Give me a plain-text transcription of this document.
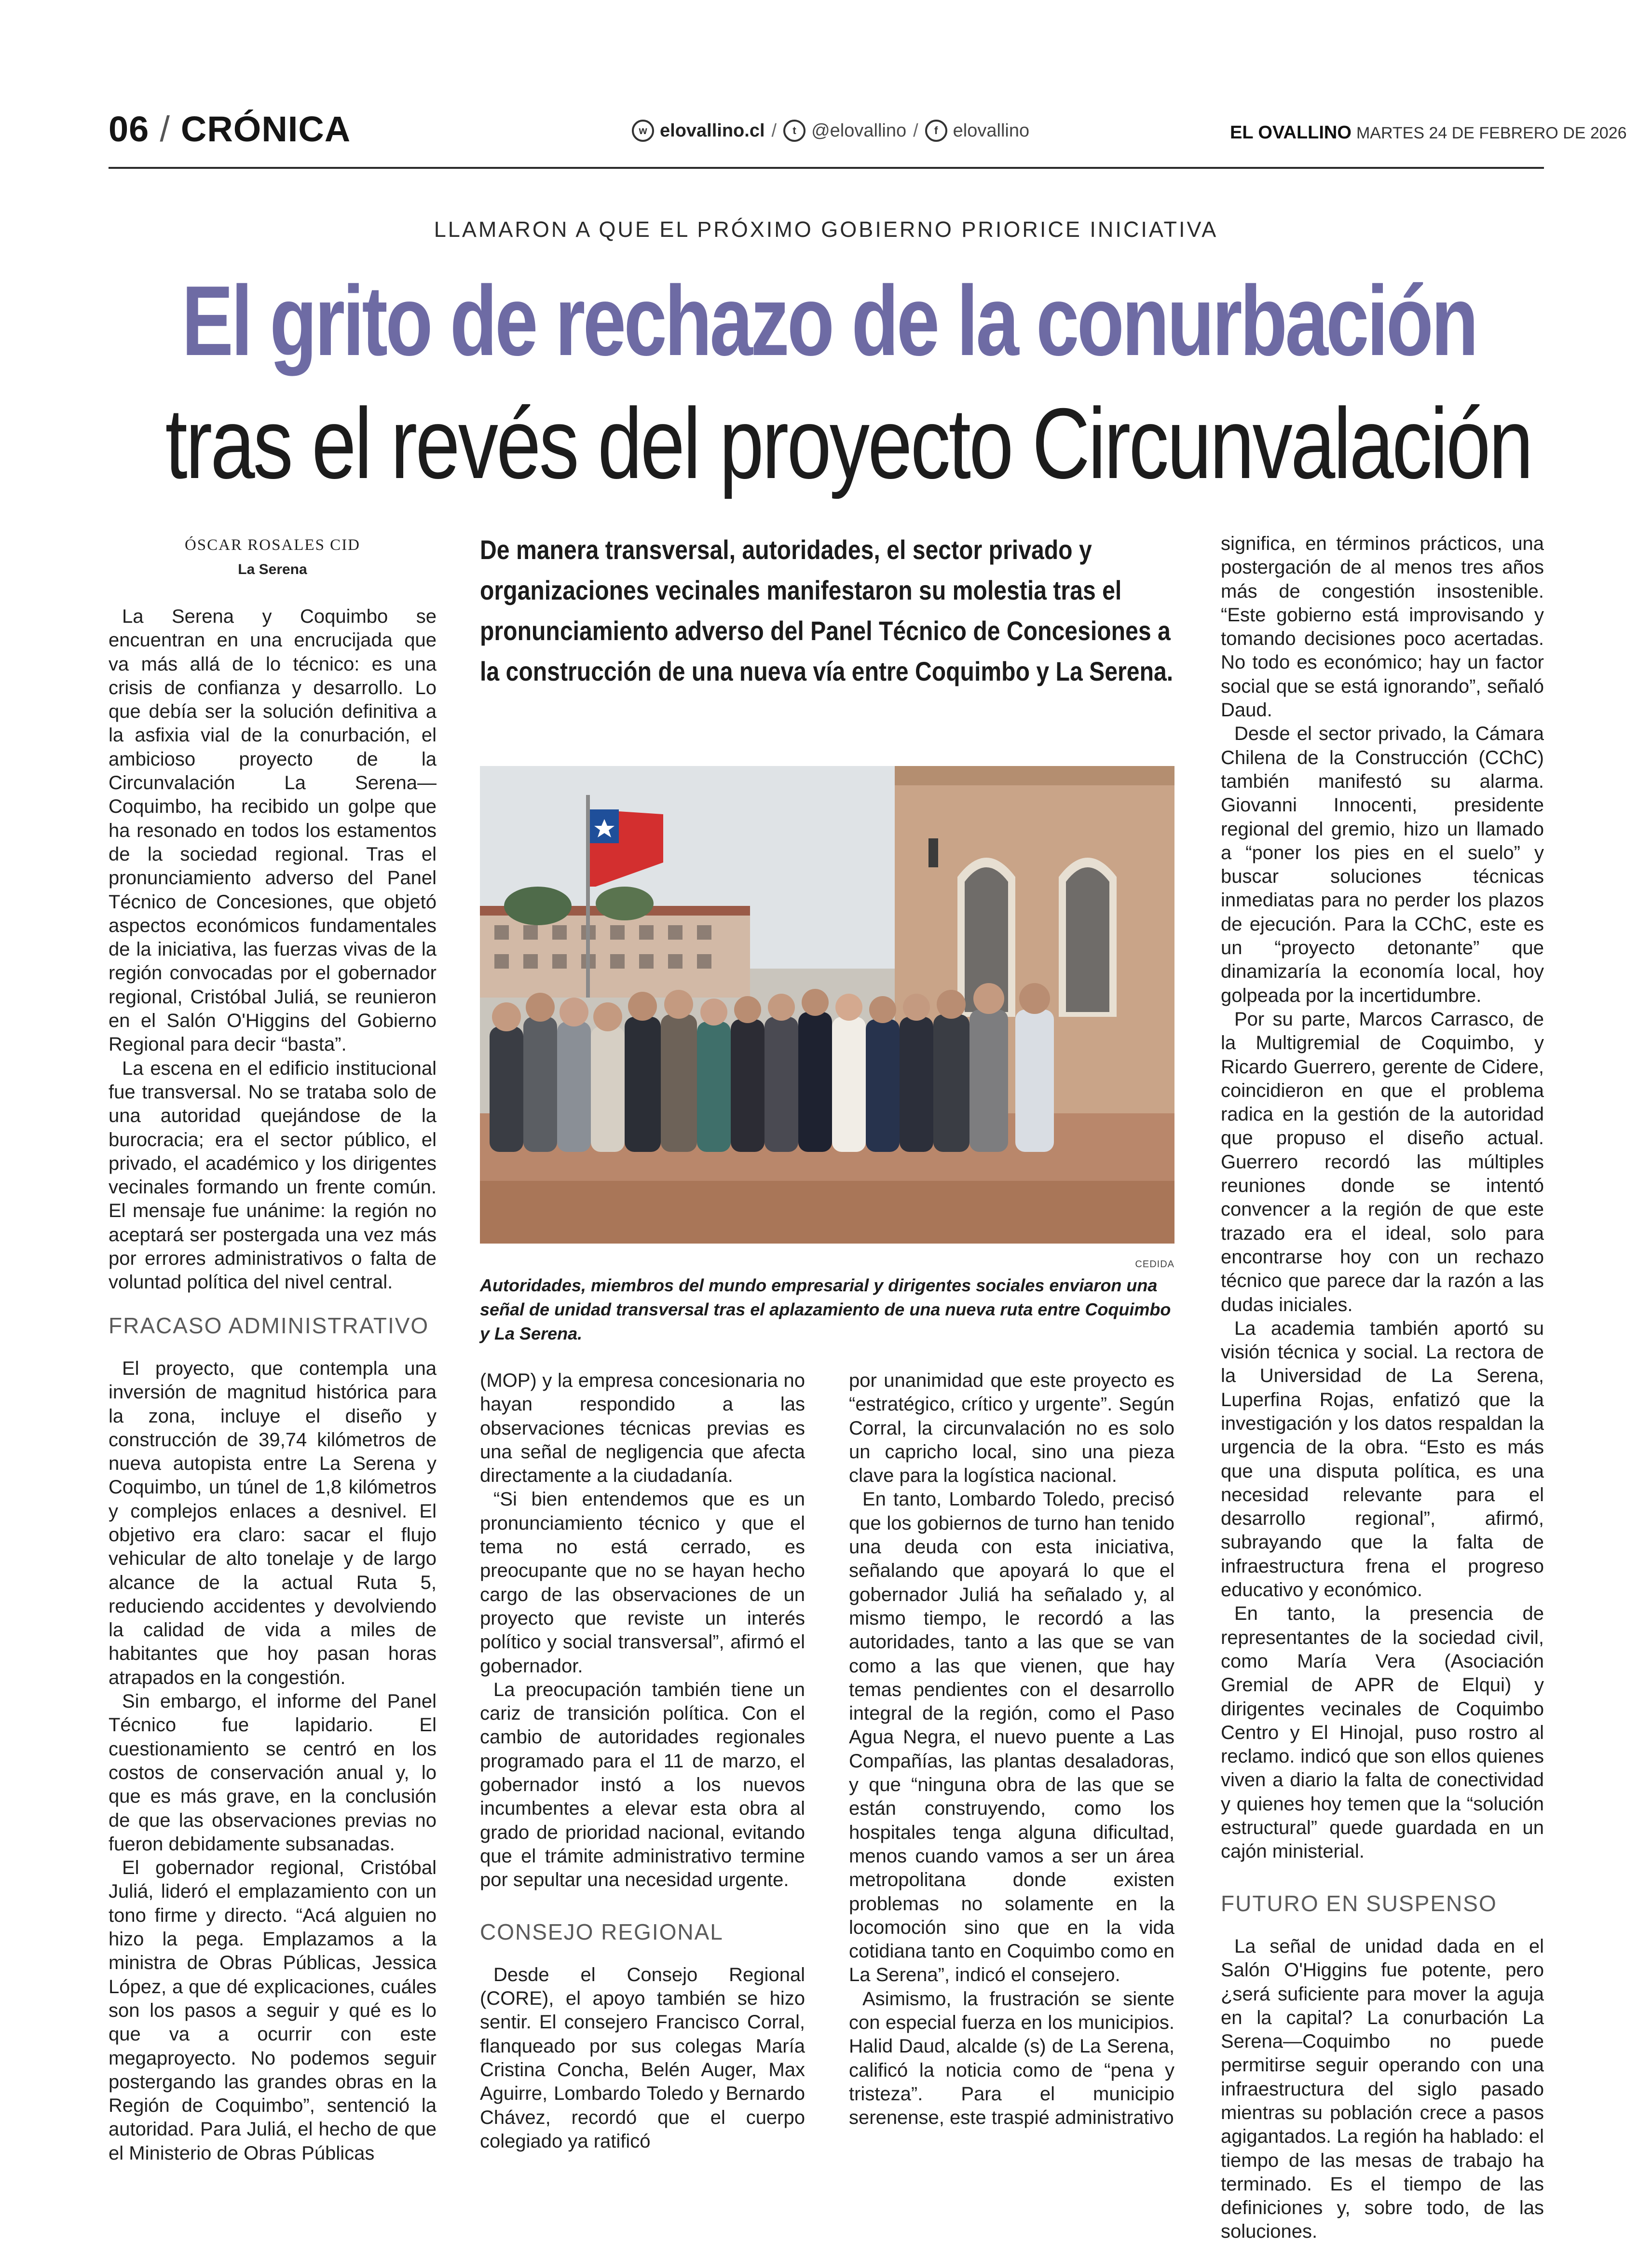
06 / CRÓNICA	w elovallino.cl /	t @elovallino /	f elovallino	EL OVALLINO MARTES 24 DE FEBRERO DE 2026
LLAMARON A QUE EL PRÓXIMO GOBIERNO PRIORICE INICIATIVA
El grito de rechazo de la conurbación
tras el revés del proyecto Circunvalación
ÓSCAR ROSALES CID
La Serena
De manera transversal, autoridades, el sector privado y organizaciones vecinales manifestaron su molestia tras el pronunciamiento adverso del Panel Técnico de Concesiones a la construcción de una nueva vía entre Coquimbo y La Serena.
CEDIDA
Autoridades, miembros del mundo empresarial y dirigentes sociales enviaron una señal de unidad transversal tras el aplazamiento de una nueva ruta entre Coquimbo y La Serena.

La Serena y Coquimbo se encuentran en una encrucijada que va más allá de lo técnico: es una crisis de confianza y desarrollo. Lo que debía ser la solución definitiva a la asfixia vial de la conurbación, el ambicioso proyecto de la Circunvalación La Serena—Coquimbo, ha recibido un golpe que ha resonado en todos los estamentos de la sociedad regional. Tras el pronunciamiento adverso del Panel Técnico de Concesiones, que objetó aspectos económicos fundamentales de la iniciativa, las fuerzas vivas de la región convocadas por el gobernador regional, Cristóbal Juliá, se reunieron en el Salón O'Higgins del Gobierno Regional para decir “basta”.

La escena en el edificio institucional fue transversal. No se trataba solo de una autoridad quejándose de la burocracia; era el sector público, el privado, el académico y los dirigentes vecinales formando un frente común. El mensaje fue unánime: la región no aceptará ser postergada una vez más por errores administrativos o falta de voluntad política del nivel central.

FRACASO ADMINISTRATIVO

El proyecto, que contempla una inversión de magnitud histórica para la zona, incluye el diseño y construcción de 39,74 kilómetros de nueva autopista entre La Serena y Coquimbo, un túnel de 1,8 kilómetros y complejos enlaces a desnivel. El objetivo era claro: sacar el flujo vehicular de alto tonelaje y de largo alcance de la actual Ruta 5, reduciendo accidentes y devolviendo la calidad de vida a miles de habitantes que hoy pasan horas atrapados en la congestión.

Sin embargo, el informe del Panel Técnico fue lapidario. El cuestionamiento se centró en los costos de conservación anual y, lo que es más grave, en la conclusión de que las observaciones previas no fueron debidamente subsanadas.

El gobernador regional, Cristóbal Juliá, lideró el emplazamiento con un tono firme y directo. “Acá alguien no hizo la pega. Emplazamos a la ministra de Obras Públicas, Jessica López, a que dé explicaciones, cuáles son los pasos a seguir y qué es lo que va a ocurrir con este megaproyecto. No podemos seguir postergando las grandes obras en la Región de Coquimbo”, sentenció la autoridad. Para Juliá, el hecho de que el Ministerio de Obras Públicas

(MOP) y la empresa concesionaria no hayan respondido a las observaciones técnicas previas es una señal de negligencia que afecta directamente a la ciudadanía.

“Si bien entendemos que es un pronunciamiento técnico y que el tema no está cerrado, es preocupante que no se hayan hecho cargo de las observaciones de un proyecto que reviste un interés político y social transversal”, afirmó el gobernador.

La preocupación también tiene un cariz de transición política. Con el cambio de autoridades regionales programado para el 11 de marzo, el gobernador instó a los nuevos incumbentes a elevar esta obra al grado de prioridad nacional, evitando que el trámite administrativo termine por sepultar una necesidad urgente.

CONSEJO REGIONAL

Desde el Consejo Regional (CORE), el apoyo también se hizo sentir. El consejero Francisco Corral, flanqueado por sus colegas María Cristina Concha, Belén Auger, Max Aguirre, Lombardo Toledo y Bernardo Chávez, recordó que el cuerpo colegiado ya ratificó

por unanimidad que este proyecto es “estratégico, crítico y urgente”. Según Corral, la circunvalación no es solo un capricho local, sino una pieza clave para la logística nacional.

En tanto, Lombardo Toledo, precisó que los gobiernos de turno han tenido una deuda con esta iniciativa, señalando que apoyará lo que el gobernador Juliá ha señalado y, al mismo tiempo, le recordó a las autoridades, tanto a las que se van como a las que vienen, que hay temas pendientes con el desarrollo integral de la región, como el Paso Agua Negra, el nuevo puente a Las Compañías, las plantas desaladoras, y que “ninguna obra de las que se están construyendo, como los hospitales tenga alguna dificultad, menos cuando vamos a ser un área metropolitana donde existen problemas no solamente en la locomoción sino que en la vida cotidiana tanto en Coquimbo como en La Serena”, indicó el consejero.

Asimismo, la frustración se siente con especial fuerza en los municipios. Halid Daud, alcalde (s) de La Serena, calificó la noticia como de “pena y tristeza”. Para el municipio serenense, este traspié administrativo

significa, en términos prácticos, una postergación de al menos tres años más de congestión insostenible. “Este gobierno está improvisando y tomando decisiones poco acertadas. No todo es económico; hay un factor social que se está ignorando”, señaló Daud.

Desde el sector privado, la Cámara Chilena de la Construcción (CChC) también manifestó su alarma. Giovanni Innocenti, presidente regional del gremio, hizo un llamado a “poner los pies en el suelo” y buscar soluciones técnicas inmediatas para no perder los plazos de ejecución. Para la CChC, este es un “proyecto detonante” que dinamizaría la economía local, hoy golpeada por la incertidumbre.

Por su parte, Marcos Carrasco, de la Multigremial de Coquimbo, y Ricardo Guerrero, gerente de Cidere, coincidieron en que el problema radica en la gestión de la autoridad que propuso el diseño actual. Guerrero recordó las múltiples reuniones donde se intentó convencer a la región de que este trazado era el ideal, solo para encontrarse hoy con un rechazo técnico que parece dar la razón a las dudas iniciales.

La academia también aportó su visión técnica y social. La rectora de la Universidad de La Serena, Luperfina Rojas, enfatizó que la investigación y los datos respaldan la urgencia de la obra. “Esto es más que una disputa política, es una necesidad relevante para el desarrollo regional”, afirmó, subrayando que la falta de infraestructura frena el progreso educativo y económico.

En tanto, la presencia de representantes de la sociedad civil, como María Vera (Asociación Gremial de APR de Elqui) y dirigentes vecinales de Coquimbo Centro y El Hinojal, puso rostro al reclamo. indicó que son ellos quienes viven a diario la falta de conectividad y quienes hoy temen que la “solución estructural” quede guardada en un cajón ministerial.

FUTURO EN SUSPENSO

La señal de unidad dada en el Salón O'Higgins fue potente, pero ¿será suficiente para mover la aguja en la capital? La conurbación La Serena—Coquimbo no puede permitirse seguir operando con una infraestructura del siglo pasado mientras su población crece a pasos agigantados. La región ha hablado: el tiempo de las mesas de trabajo ha terminado. Es el tiempo de las definiciones y, sobre todo, de las soluciones.
